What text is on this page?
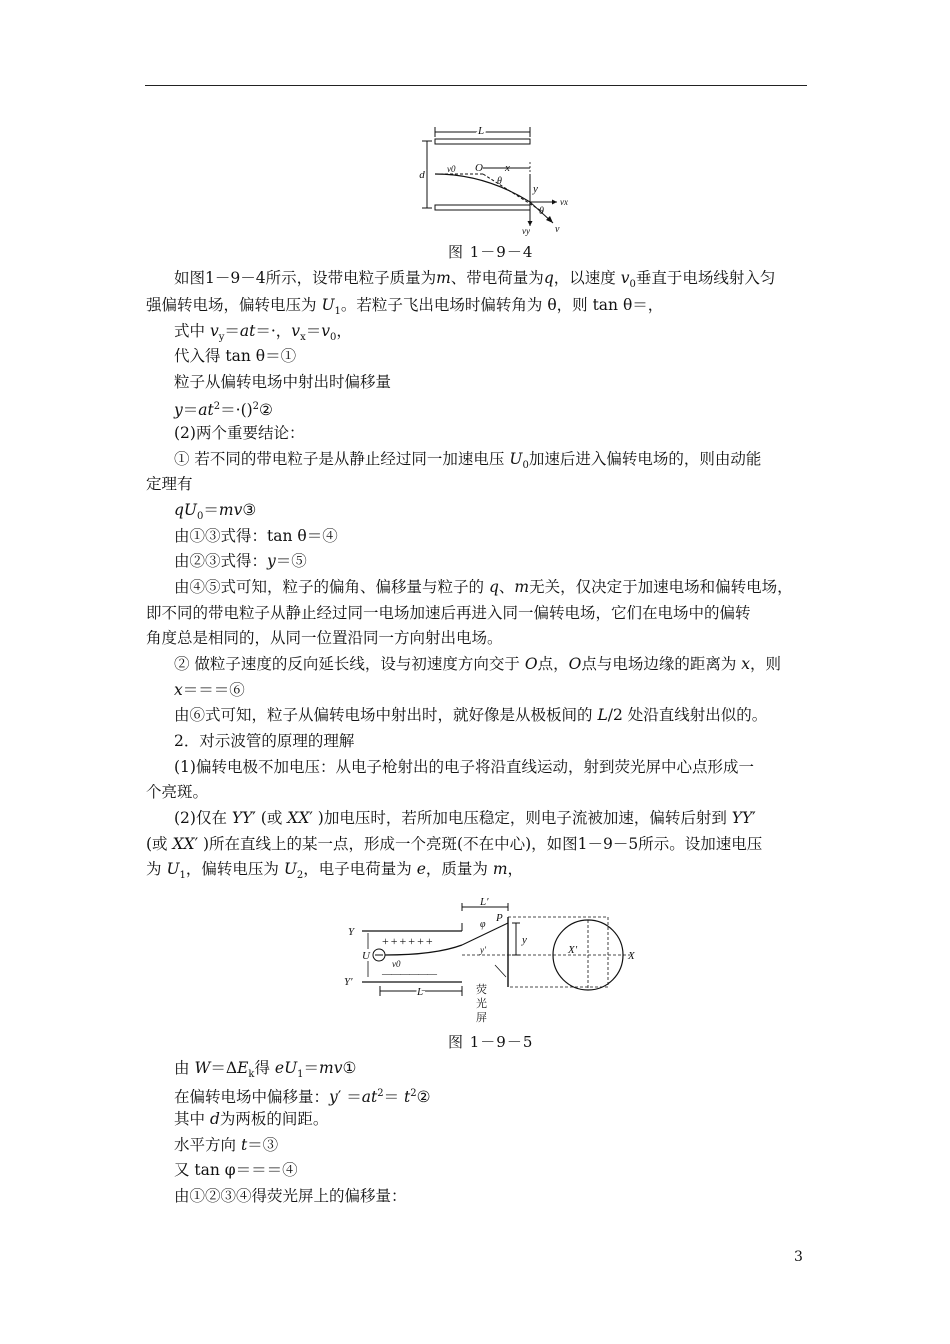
L
d v0 O x
θ
y
vx
vy	v
θ
图 1－9－4
如图1－9－4所示，设带电粒子质量为m、带电荷量为q，以速度 $v_0$垂直于电场线射入匀
强偏转电场，偏转电压为 $U_1$。若粒子飞出电场时偏转角为 θ，则 tan θ＝，
式中 $v_y=at=\cdot$，$v_x=v_0$，
代入得 tan θ＝①
粒子从偏转电场中射出时偏移量
$y=at^2=\cdot()^2②$
(2)两个重要结论：
① 若不同的带电粒子是从静止经过同一加速电压 $U_0$加速后进入偏转电场的，则由动能
定理有
$qU_0=mv③$
由①③式得：tan θ＝④
由②③式得：y＝⑤
由④⑤式可知，粒子的偏角、偏移量与粒子的 q、m无关，仅决定于加速电场和偏转电场，
即不同的带电粒子从静止经过同一电场加速后再进入同一偏转电场，它们在电场中的偏转
角度总是相同的，从同一位置沿同一方向射出电场。
② 做粒子速度的反向延长线，设与初速度方向交于 O点，O点与电场边缘的距离为 x，则
x＝＝＝⑥
由⑥式可知，粒子从偏转电场中射出时，就好像是从极板间的 L/2 处沿直线射出似的。
2．对示波管的原理的理解
(1)偏转电极不加电压：从电子枪射出的电子将沿直线运动，射到荧光屏中心点形成一
个亮斑。
(2)仅在 YY′ (或 XX′ )加电压时，若所加电压稳定，则电子流被加速，偏转后射到 YY′
(或 XX′ )所在直线上的某一点，形成一个亮斑(不在中心)，如图1－9－5所示。设加速电压
为 $U_1$，偏转电压为 $U_2$，电子电荷量为 e，质量为 m，
Y
++++++
U
v0
——————
Y′
L
L′
φ
y′
P
y
X′	X
荧
光
屏
图 1－9－5
由 $W=\Delta E_k$得 $eU_1=mv①$
在偏转电场中偏移量：$y' =at^2=$ $t^2②$
其中 d为两板的间距。
水平方向 t＝③
又 tan φ＝＝＝④
由①②③④得荧光屏上的偏移量：
3
